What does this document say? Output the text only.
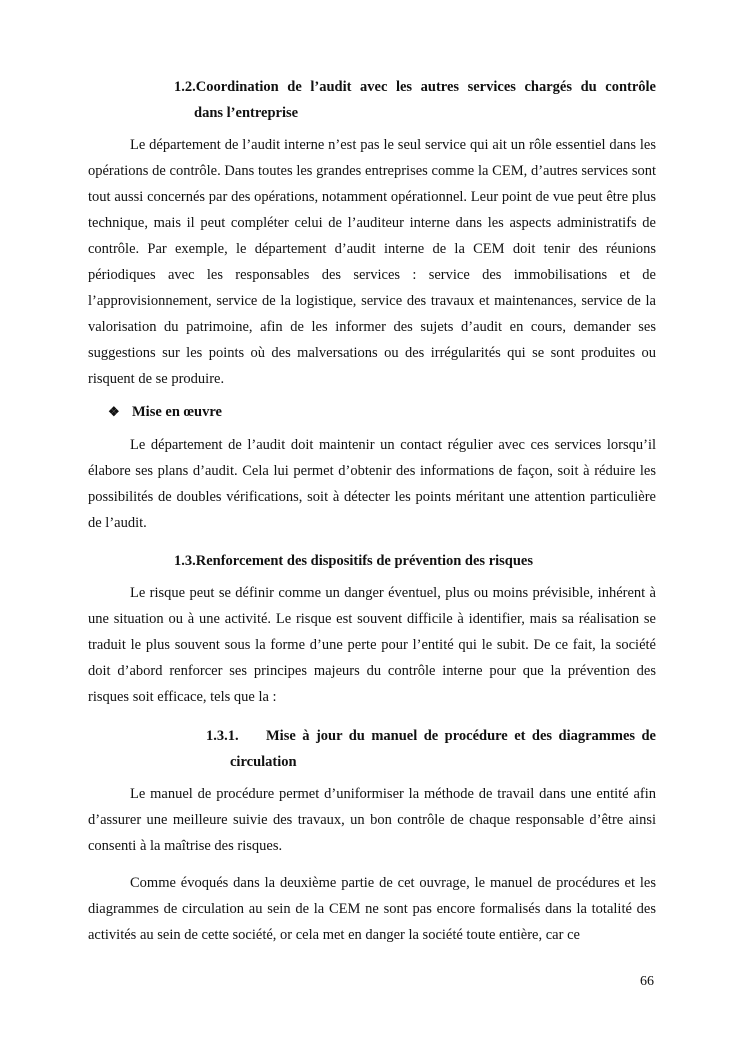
1.2.Coordination de l’audit avec les autres services chargés du contrôle

dans l’entreprise

Le département de l’audit interne n’est pas le seul service qui ait un rôle essentiel dans les opérations de contrôle. Dans toutes les grandes entreprises comme la CEM, d’autres services sont tout aussi concernés par des opérations, notamment opérationnel. Leur point de vue peut être plus technique, mais il peut compléter celui de l’auditeur interne dans les aspects administratifs de contrôle. Par exemple, le département d’audit interne de la CEM doit tenir des réunions périodiques avec les responsables des services : service des immobilisations et de l’approvisionnement, service de la logistique, service des travaux et maintenances, service de la valorisation du patrimoine, afin de les informer des sujets d’audit en cours, demander ses suggestions sur les points où des malversations ou des irrégularités qui se sont produites ou risquent de se produire.

❖ Mise en œuvre

Le département de l’audit doit maintenir un contact régulier avec ces services lorsqu’il élabore ses plans d’audit. Cela lui permet d’obtenir des informations de façon, soit à réduire les possibilités de doubles vérifications, soit à détecter les points méritant une attention particulière de l’audit.

1.3.Renforcement des dispositifs de prévention des risques

Le risque peut se définir comme un danger éventuel, plus ou moins prévisible, inhérent à une situation ou à une activité. Le risque est souvent difficile à identifier, mais sa réalisation se traduit le plus souvent sous la forme d’une perte pour l’entité qui le subit. De ce fait, la société doit d’abord renforcer ses principes majeurs du contrôle interne pour que la prévention des risques soit efficace, tels que la :

1.3.1. Mise à jour du manuel de procédure et des diagrammes de

circulation

Le manuel de procédure permet d’uniformiser la méthode de travail dans une entité afin d’assurer une meilleure suivie des travaux, un bon contrôle de chaque responsable d’être ainsi consenti à la maîtrise des risques.

Comme évoqués dans la deuxième partie de cet ouvrage, le manuel de procédures et les diagrammes de circulation au sein de la CEM ne sont pas encore formalisés dans la totalité des activités au sein de cette société, or cela met en danger la société toute entière, car ce

66
